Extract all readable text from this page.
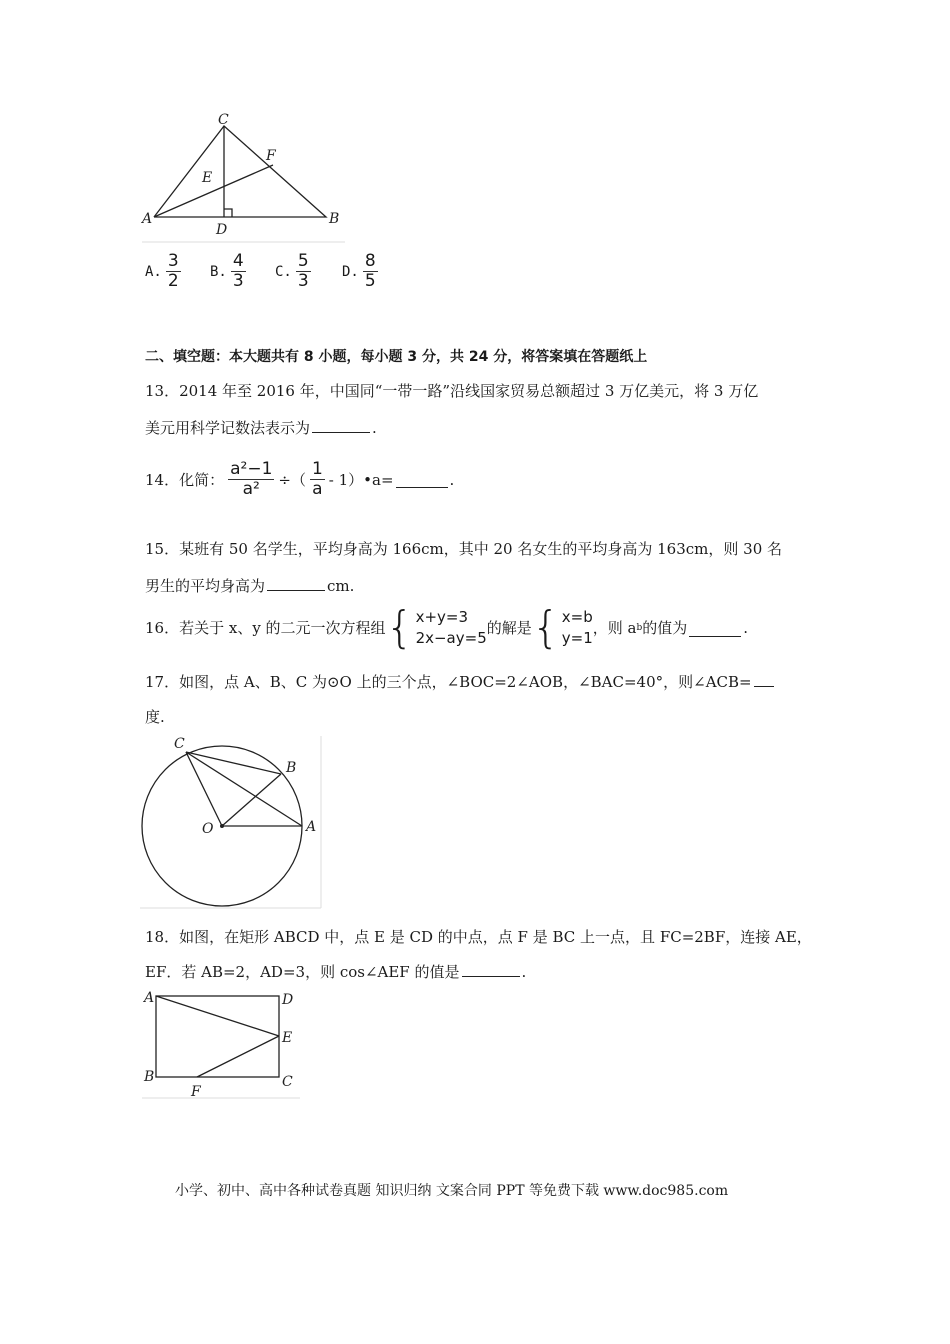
C
F
E
A
D
B
A. $\frac{3}{2} B$. $\frac{4}{3} C$. $\frac{5}{3} D$. $\frac{8}{5}$
二、填空题：本大题共有 8 小题，每小题 3 分，共 24 分，将答案填在答题纸上
13．2014 年至 2016 年，中国同“一带一路”沿线国家贸易总额超过 3 万亿美元，将 3 万亿
美元用科学记数法表示为	.
14．化简： $\frac{\text{a²−1}}{\text{a²}}$ ÷（ $\frac{1}{a}$ - 1）•a=	.
15．某班有 50 名学生，平均身高为 166cm，其中 20 名女生的平均身高为 163cm，则 30 名
男生的平均身高为	cm.
16．若关于 x、y 的二元一次方程组 { x+y=3
2x−ay=5
的解是 { x=b
y=1
，则 a b 的值为	.
17．如图，点 A、B、C 为⊙O 上的三个点，∠BOC=2∠AOB，∠BAC=40°，则∠ACB=
度.
C
B
O	A
18．如图，在矩形 ABCD 中，点 E 是 CD 的中点，点 F 是 BC 上一点，且 FC=2BF，连接 AE，
EF．若 AB=2，AD=3，则 cos∠AEF 的值是	.
A	D
E
B	C
F
小学、初中、高中各种试卷真题 知识归纳 文案合同 PPT 等免费下载 www.doc985.com
